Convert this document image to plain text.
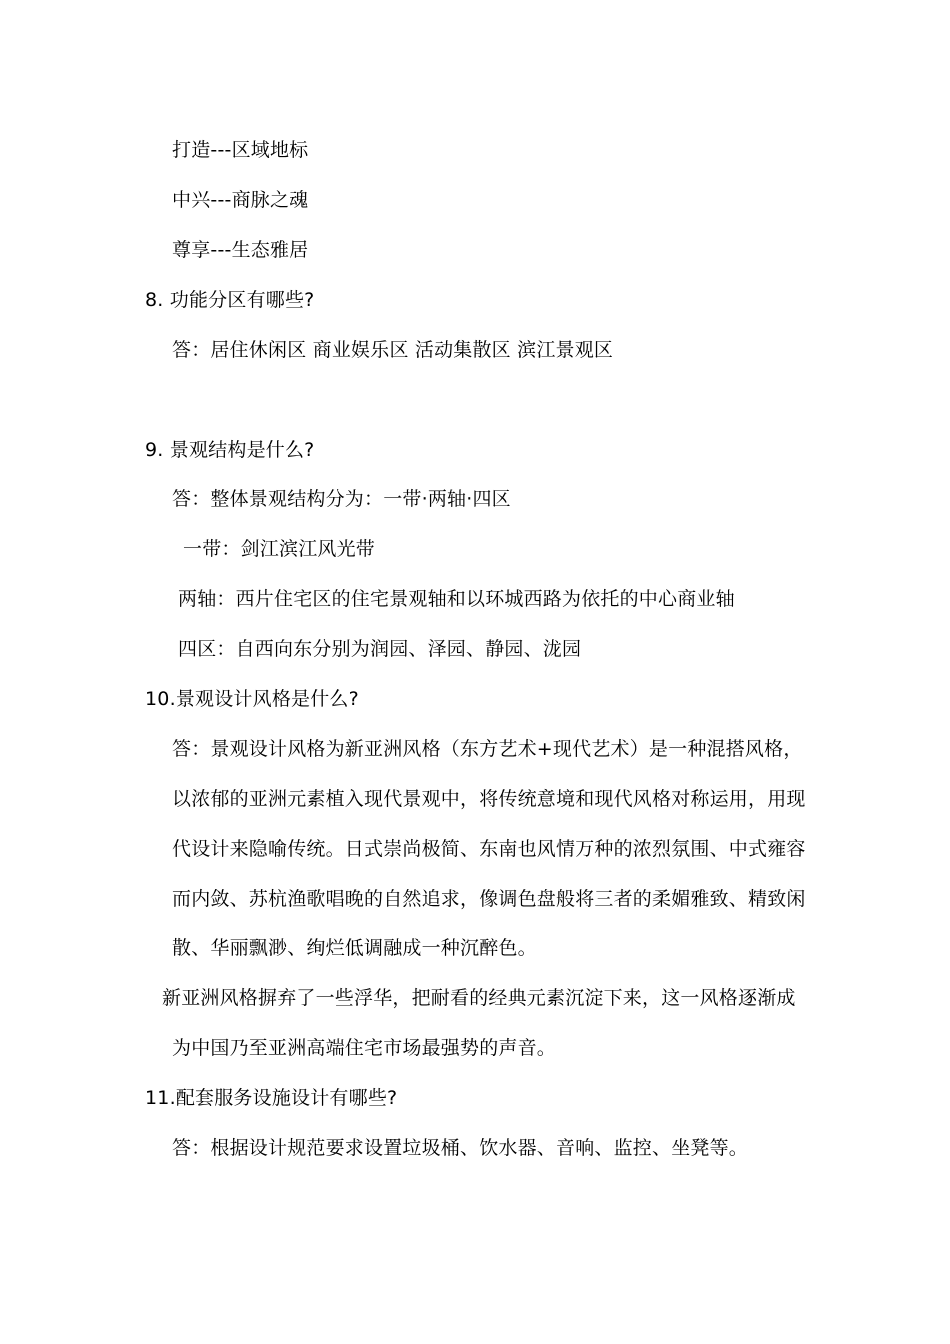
打造---区域地标
中兴---商脉之魂
尊享---生态雅居
8. 功能分区有哪些?
答：居住休闲区 商业娱乐区 活动集散区 滨江景观区
9. 景观结构是什么?
答：整体景观结构分为：一带·两轴·四区
一带：剑江滨江风光带
两轴：西片住宅区的住宅景观轴和以环城西路为依托的中心商业轴
四区：自西向东分别为润园、泽园、静园、泷园
10.景观设计风格是什么?
答：景观设计风格为新亚洲风格（东方艺术+现代艺术）是一种混搭风格，
以浓郁的亚洲元素植入现代景观中，将传统意境和现代风格对称运用，用现
代设计来隐喻传统。日式崇尚极简、东南也风情万种的浓烈氛围、中式雍容
而内敛、苏杭渔歌唱晚的自然追求，像调色盘般将三者的柔媚雅致、精致闲
散、华丽飘渺、绚烂低调融成一种沉醉色。
新亚洲风格摒弃了一些浮华，把耐看的经典元素沉淀下来，这一风格逐渐成
为中国乃至亚洲高端住宅市场最强势的声音。
11.配套服务设施设计有哪些?
答：根据设计规范要求设置垃圾桶、饮水器、音响、监控、坐凳等。
